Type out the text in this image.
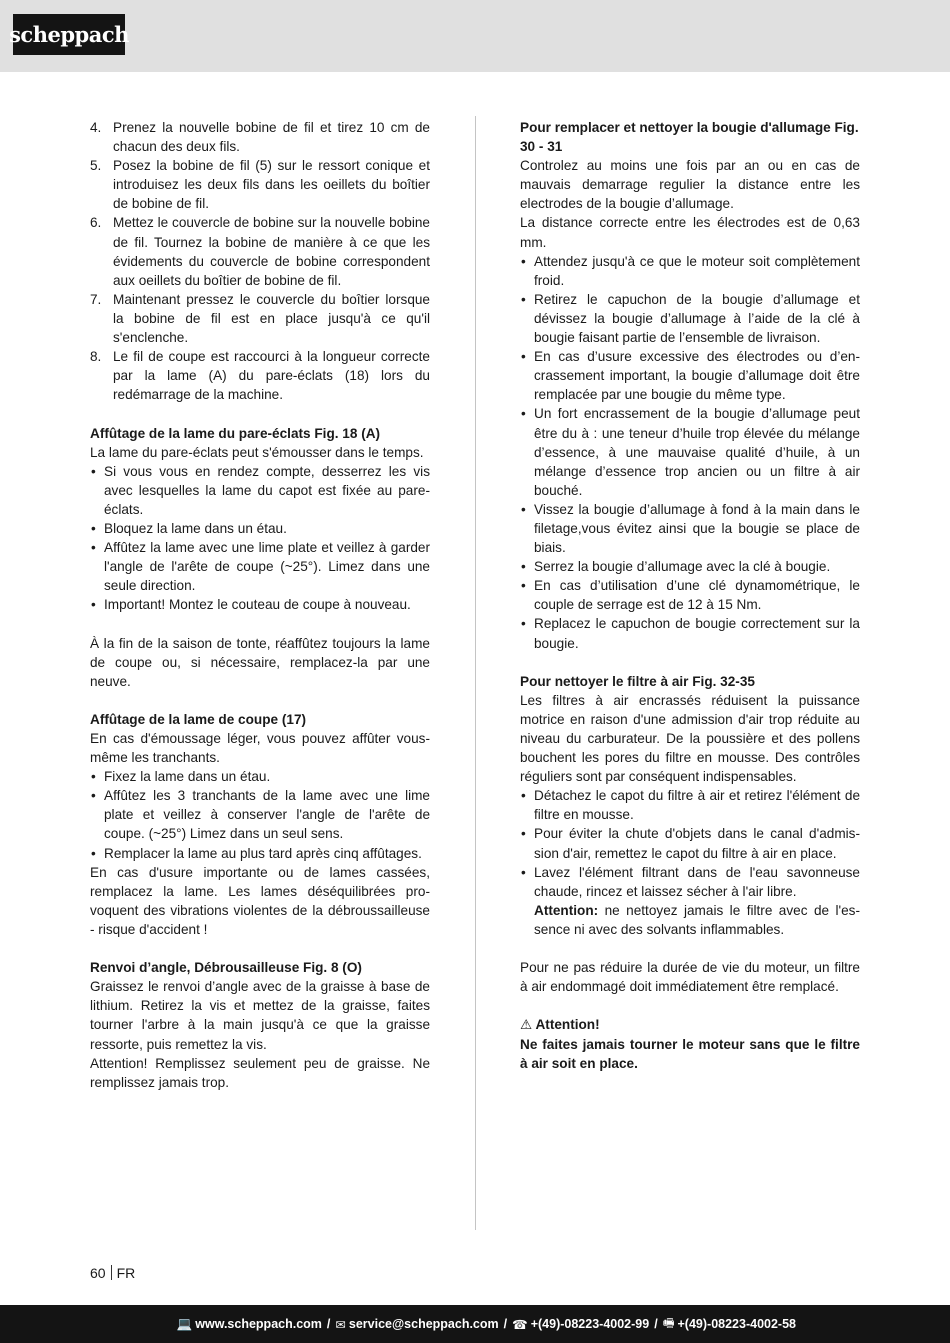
scheppach
4. Prenez la nouvelle bobine de fil et tirez 10 cm de chacun des deux fils.
5. Posez la bobine de fil (5) sur le ressort conique et introduisez les deux fils dans les oeillets du boîtier de bobine de fil.
6. Mettez le couvercle de bobine sur la nouvelle bobine de fil. Tournez la bobine de manière à ce que les évidements du couvercle de bobine correspondent aux oeillets du boîtier de bobine de fil.
7. Maintenant pressez le couvercle du boîtier lorsque la bobine de fil est en place jusqu'à ce qu'il s'enclenche.
8. Le fil de coupe est raccourci à la longueur correcte par la lame (A) du pare-éclats (18) lors du redémarrage de la machine.

Affûtage de la lame du pare-éclats Fig. 18 (A)

La lame du pare-éclats peut s'émousser dans le temps.

• Si vous vous en rendez compte, desserrez les vis avec lesquelles la lame du capot est fixée au pare-éclats.
• Bloquez la lame dans un étau.
• Affûtez la lame avec une lime plate et veillez à garder l'angle de l'arête de coupe (~25°). Limez dans une seule direction.
• Important! Montez le couteau de coupe à nouveau.

À la fin de la saison de tonte, réaffûtez toujours la lame de coupe ou, si nécessaire, remplacez-la par une neuve.

Affûtage de la lame de coupe (17)

En cas d'émoussage léger, vous pouvez affûter vous-même les tranchants.

• Fixez la lame dans un étau.
• Affûtez les 3 tranchants de la lame avec une lime plate et veillez à conserver l'angle de l'arête de coupe. (~25°) Limez dans un seul sens.
• Remplacer la lame au plus tard après cinq affûtages.

En cas d'usure importante ou de lames cassées, remplacez la lame. Les lames déséquilibrées provoquent des vibrations violentes de la débroussailleuse - risque d'accident !

Renvoi d’angle, Débrousailleuse Fig. 8 (O)

Graissez le renvoi d’angle avec de la graisse à base de lithium. Retirez la vis et mettez de la graisse, faites tourner l'arbre à la main jusqu'à ce que la graisse ressorte, puis remettez la vis.

Attention! Remplissez seulement peu de graisse. Ne remplissez jamais trop.

Pour remplacer et nettoyer la bougie d'allumage Fig. 30 - 31

Controlez au moins une fois par an ou en cas de mauvais demarrage regulier la distance entre les electrodes de la bougie d’allumage.

La distance correcte entre les électrodes est de 0,63 mm.

• Attendez jusqu'à ce que le moteur soit complètement froid.
• Retirez le capuchon de la bougie d’allumage et dévissez la bougie d’allumage à l’aide de la clé à bougie faisant partie de l’ensemble de livraison.
• En cas d’usure excessive des électrodes ou d’encrassement important, la bougie d’allumage doit être remplacée par une bougie du même type.
• Un fort encrassement de la bougie d’allumage peut être du à : une teneur d’huile trop élevée du mélange d’essence, à une mauvaise qualité d’huile, à un mélange d’essence trop ancien ou un filtre à air bouché.
• Vissez la bougie d’allumage à fond à la main dans le filetage,vous évitez ainsi que la bougie se place de biais.
• Serrez la bougie d’allumage avec la clé à bougie.
• En cas d’utilisation d’une clé dynamométrique, le couple de serrage est de 12 à 15 Nm.
• Replacez le capuchon de bougie correctement sur la bougie.

Pour nettoyer le filtre à air Fig. 32-35

Les filtres à air encrassés réduisent la puissance motrice en raison d'une admission d'air trop réduite au niveau du carburateur. De la poussière et des pollens bouchent les pores du filtre en mousse. Des contrôles réguliers sont par conséquent indispensables.

• Détachez le capot du filtre à air et retirez l'élément de filtre en mousse.
• Pour éviter la chute d'objets dans le canal d'admission d'air, remettez le capot du filtre à air en place.
• Lavez l'élément filtrant dans de l'eau savonneuse chaude, rincez et laissez sécher à l'air libre.
Attention: ne nettoyez jamais le filtre avec de l'essence ni avec des solvants inflammables.

Pour ne pas réduire la durée de vie du moteur, un filtre à air endommagé doit immédiatement être remplacé.

⚠ Attention!

Ne faites jamais tourner le moteur sans que le filtre à air soit en place.

60 FR
💻 www.scheppach.com / ✉ service@scheppach.com / ☎ +(49)-08223-4002-99 / 🖷 +(49)-08223-4002-58
